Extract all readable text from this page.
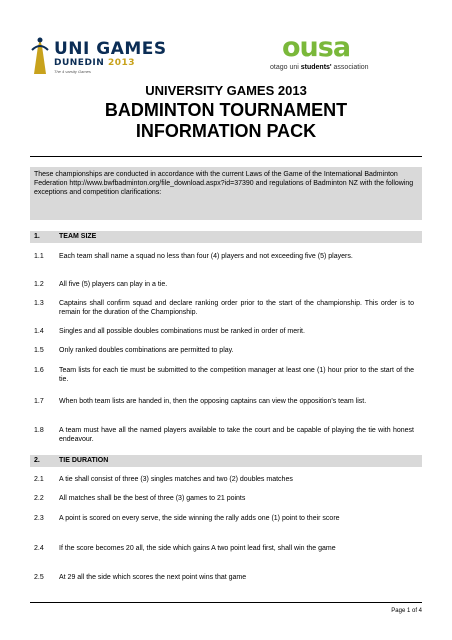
UNI GAMES
DUNEDIN 2013
The 4 varsity Games
ousa
otago uni students' association
UNIVERSITY GAMES 2013
BADMINTON TOURNAMENT
INFORMATION PACK

These championships are conducted in accordance with the current Laws of the Game of the International Badminton Federation http://www.bwfbadminton.org/file_download.aspx?id=37390 and regulations of Badminton NZ with the following exceptions and competition clarifications:

1.	TEAM SIZE
1.1 Each team shall name a squad no less than four (4) players and not exceeding five (5) players.
1.2 All five (5) players can play in a tie.
1.3 Captains shall confirm squad and declare ranking order prior to the start of the championship. This order is to remain for the duration of the Championship.
1.4 Singles and all possible doubles combinations must be ranked in order of merit.
1.5 Only ranked doubles combinations are permitted to play.
1.6 Team lists for each tie must be submitted to the competition manager at least one (1) hour prior to the start of the tie.
1.7 When both team lists are handed in, then the opposing captains can view the opposition's team list.
1.8 A team must have all the named players available to take the court and be capable of playing the tie with honest endeavour.
2.	TIE DURATION
2.1 A tie shall consist of three (3) singles matches and two (2) doubles matches
2.2 All matches shall be the best of three (3) games to 21 points
2.3 A point is scored on every serve, the side winning the rally adds one (1) point to their score
2.4 If the score becomes 20 all, the side which gains A two point lead first, shall win the game
2.5 At 29 all the side which scores the next point wins that game
Page 1 of 4
